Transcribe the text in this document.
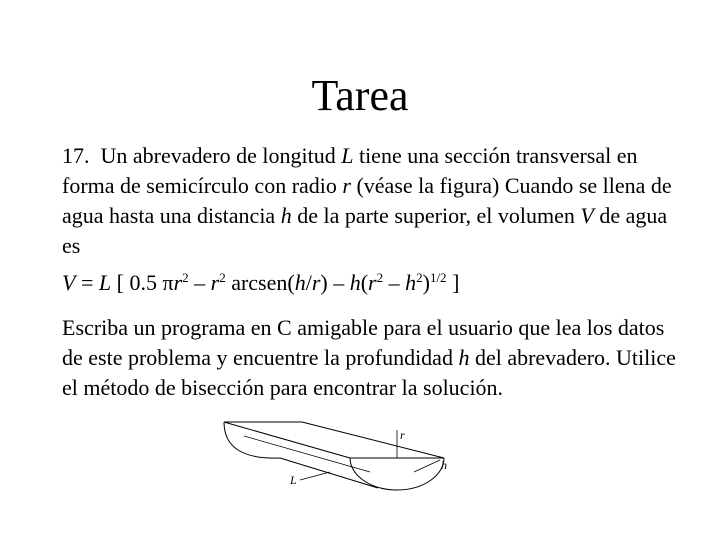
Tarea

17. Un abrevadero de longitud L tiene una sección transversal en forma de semicírculo con radio r (véase la figura) Cuando se llena de agua hasta una distancia h de la parte superior, el volumen V de agua es

V = L [ 0.5 $\pi r^2 - r^2$ arcsen(h/r) – $h(r^2 - h^2)^{1/2}$ ]

Escriba un programa en C amigable para el usuario que lea los datos de este problema y encuentre la profundidad h del abrevadero. Utilice el método de bisección para encontrar la solución.

r
h
L
